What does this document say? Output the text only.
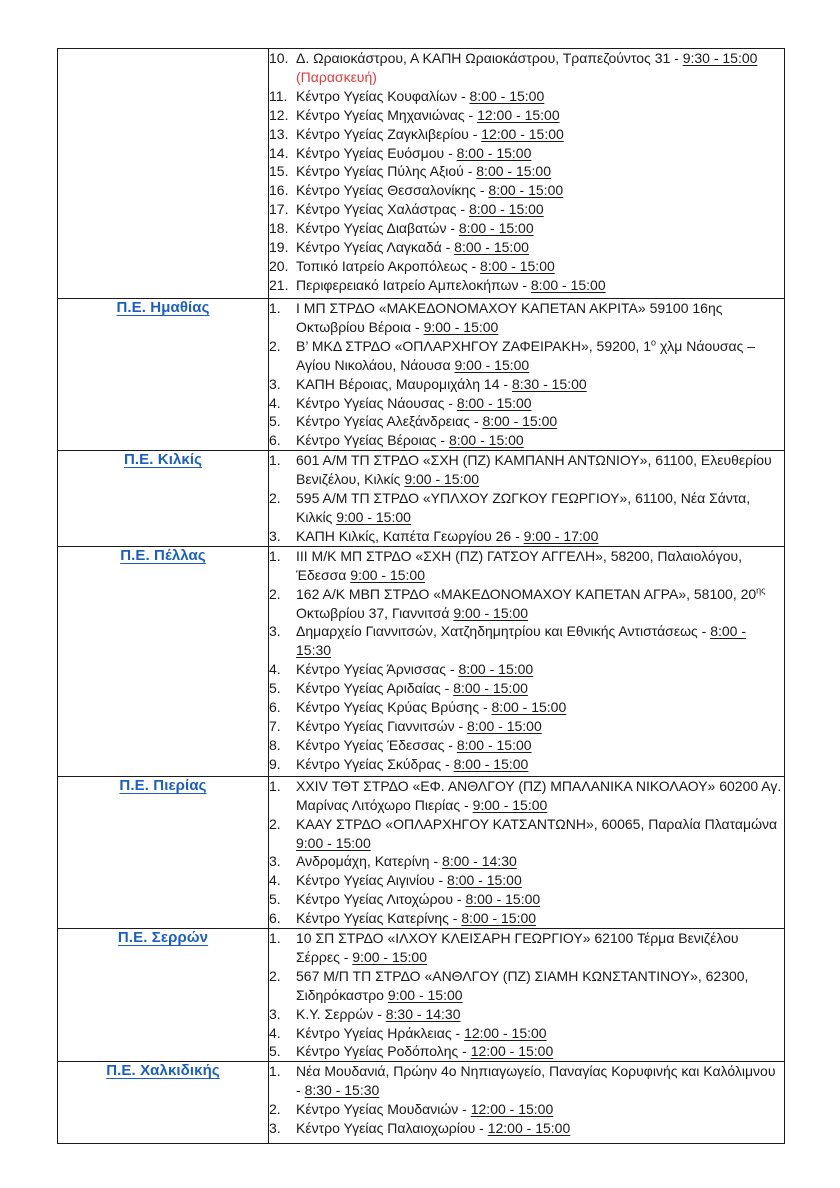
10. Δ. Ωραιοκάστρου, Α ΚΑΠΗ Ωραιοκάστρου, Τραπεζούντος 31 - 9:30 - 15:00 (Παρασκευή)
11. Κέντρο Υγείας Κουφαλίων - 8:00 - 15:00
12. Κέντρο Υγείας Μηχανιώνας - 12:00 - 15:00
13. Κέντρο Υγείας Ζαγκλιβερίου - 12:00 - 15:00
14. Κέντρο Υγείας Ευόσμου - 8:00 - 15:00
15. Κέντρο Υγείας Πύλης Αξιού - 8:00 - 15:00
16. Κέντρο Υγείας Θεσσαλονίκης - 8:00 - 15:00
17. Κέντρο Υγείας Χαλάστρας - 8:00 - 15:00
18. Κέντρο Υγείας Διαβατών - 8:00 - 15:00
19. Κέντρο Υγείας Λαγκαδά - 8:00 - 15:00
20. Τοπικό Ιατρείο Ακροπόλεως - 8:00 - 15:00
21. Περιφερειακό Ιατρείο Αμπελοκήπων - 8:00 - 15:00

Π.Ε. Ημαθίας	1.	Ι ΜΠ ΣΤΡΔΟ «ΜΑΚΕΔΟΝΟΜΑΧΟΥ ΚΑΠΕΤΑΝ ΑΚΡΙΤΑ» 59100 16ης Οκτωβρίου Βέροια - 9:00 - 15:00
2.	Β’ ΜΚΔ ΣΤΡΔΟ «ΟΠΛΑΡΧΗΓΟΥ ΖΑΦΕΙΡΑΚΗ», 59200, $1^o$ χλμ Νάουσας – Αγίου Νικολάου, Νάουσα 9:00 - 15:00
3.	ΚΑΠΗ Βέροιας, Μαυρομιχάλη 14 - 8:30 - 15:00
4.	Κέντρο Υγείας Νάουσας - 8:00 - 15:00
5.	Κέντρο Υγείας Αλεξάνδρειας - 8:00 - 15:00
6.	Κέντρο Υγείας Βέροιας - 8:00 - 15:00

Π.Ε. Κιλκίς	1.	601 Α/Μ ΤΠ ΣΤΡΔΟ «ΣΧΗ (ΠΖ) ΚΑΜΠΑΝΗ ΑΝΤΩΝΙΟΥ», 61100, Ελευθερίου Βενιζέλου, Κιλκίς 9:00 - 15:00
2.	595 Α/Μ ΤΠ ΣΤΡΔΟ «ΥΠΛΧΟΥ ΖΩΓΚΟΥ ΓΕΩΡΓΙΟΥ», 61100, Νέα Σάντα, Κιλκίς 9:00 - 15:00
3.	ΚΑΠΗ Κιλκίς, Καπέτα Γεωργίου 26 - 9:00 - 17:00

Π.Ε. Πέλλας	1.	III Μ/Κ ΜΠ ΣΤΡΔΟ «ΣΧΗ (ΠΖ) ΓΑΤΣΟΥ ΑΓΓΕΛΗ», 58200, Παλαιολόγου, Έδεσσα 9:00 - 15:00
2.	162 Α/Κ ΜΒΠ ΣΤΡΔΟ «ΜΑΚΕΔΟΝΟΜΑΧΟΥ ΚΑΠΕΤΑΝ ΑΓΡΑ», 58100, $20^{\eta\varsigma}$ Οκτωβρίου 37, Γιαννιτσά 9:00 - 15:00
3.	Δημαρχείο Γιαννιτσών, Χατζηδημητρίου και Εθνικής Αντιστάσεως - 8:00 - 15:30
4.	Κέντρο Υγείας Άρνισσας - 8:00 - 15:00
5.	Κέντρο Υγείας Αριδαίας - 8:00 - 15:00
6.	Κέντρο Υγείας Κρύας Βρύσης - 8:00 - 15:00
7.	Κέντρο Υγείας Γιαννιτσών - 8:00 - 15:00
8.	Κέντρο Υγείας Έδεσσας - 8:00 - 15:00
9.	Κέντρο Υγείας Σκύδρας - 8:00 - 15:00

Π.Ε. Πιερίας	1.	XXIV ΤΘΤ ΣΤΡΔΟ «ΕΦ. ΑΝΘΛΓΟΥ (ΠΖ) ΜΠΑΛΑΝΙΚΑ ΝΙΚΟΛΑΟΥ» 60200 Αγ. Μαρίνας Λιτόχωρο Πιερίας - 9:00 - 15:00
2.	ΚΑΑΥ ΣΤΡΔΟ «ΟΠΛΑΡΧΗΓΟΥ ΚΑΤΣΑΝΤΩΝΗ», 60065, Παραλία Πλαταμώνα 9:00 - 15:00
3.	Ανδρομάχη, Κατερίνη - 8:00 - 14:30
4.	Κέντρο Υγείας Αιγινίου - 8:00 - 15:00
5.	Κέντρο Υγείας Λιτοχώρου - 8:00 - 15:00
6.	Κέντρο Υγείας Κατερίνης - 8:00 - 15:00

Π.Ε. Σερρών	1.	10 ΣΠ ΣΤΡΔΟ «ΙΛΧΟΥ ΚΛΕΙΣΑΡΗ ΓΕΩΡΓΙΟΥ» 62100 Τέρμα Βενιζέλου Σέρρες - 9:00 - 15:00
2.	567 Μ/Π ΤΠ ΣΤΡΔΟ «ΑΝΘΛΓΟΥ (ΠΖ) ΣΙΑΜΗ ΚΩΝΣΤΑΝΤΙΝΟΥ», 62300, Σιδηρόκαστρο 9:00 - 15:00
3.	Κ.Υ. Σερρών - 8:30 - 14:30
4.	Κέντρο Υγείας Ηράκλειας - 12:00 - 15:00
5.	Κέντρο Υγείας Ροδόπολης - 12:00 - 15:00

Π.Ε. Χαλκιδικής	1.	Νέα Μουδανιά, Πρώην 4ο Νηπιαγωγείο, Παναγίας Κορυφινής και Καλόλιμνου - 8:30 - 15:30
2.	Κέντρο Υγείας Μουδανιών - 12:00 - 15:00
3.	Κέντρο Υγείας Παλαιοχωρίου - 12:00 - 15:00
